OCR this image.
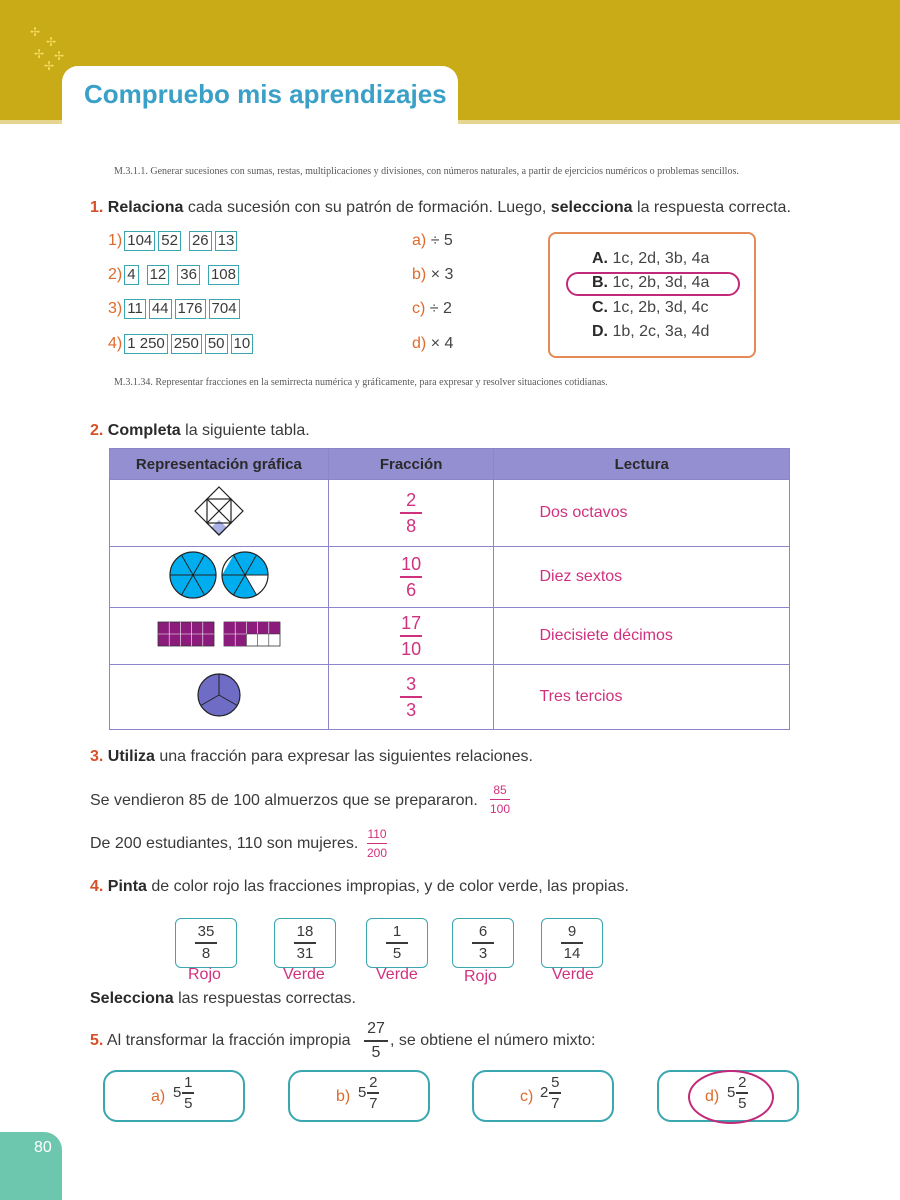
✢
✢
✢ ✢
✢
Compruebo mis aprendizajes
M.3.1.1. Generar sucesiones con sumas, restas, multiplicaciones y divisiones, con números naturales, a partir de ejercicios numéricos o problemas sencillos.
1. Relaciona cada sucesión con su patrón de formación. Luego, selecciona la respuesta correcta.
1) 104 52 26 13
2) 4 12 36 108
3) 11 44 176 704
4) 1 250 250 50 10
a) ÷ 5
b) × 3
c) ÷ 2
d) × 4
A. 1c, 2d, 3b, 4a
B. 1c, 2b, 3d, 4a
C. 1c, 2b, 3d, 4c
D. 1b, 2c, 3a, 4d
M.3.1.34. Representar fracciones en la semirrecta numérica y gráficamente, para expresar y resolver situaciones cotidianas.
2. Completa la siguiente tabla.
Representación gráfica	Fracción	Lectura

$\frac{2}{8}$	Dos octavos

$\frac{10}{6}$	Diez sextos

$\frac{17}{10}$	Diecisiete décimos

$\frac{3}{3}$	Tres tercios
3. Utiliza una fracción para expresar las siguientes relaciones.
Se vendieron 85 de 100 almuerzos que se prepararon.
85
100
De 200 estudiantes, 110 son mujeres.
110
200
4. Pinta de color rojo las fracciones impropias, y de color verde, las propias.
35
8
18
31
1
5
6
3
9
14
Rojo	Verde	Verde	Rojo	Verde
Selecciona las respuestas correctas.
5. Al transformar la fracción impropia
27
5
, se obtiene el número mixto:
a) 5
1
5	b) 5
2
7	c) 2
5
7	d) 5
2
5
80
